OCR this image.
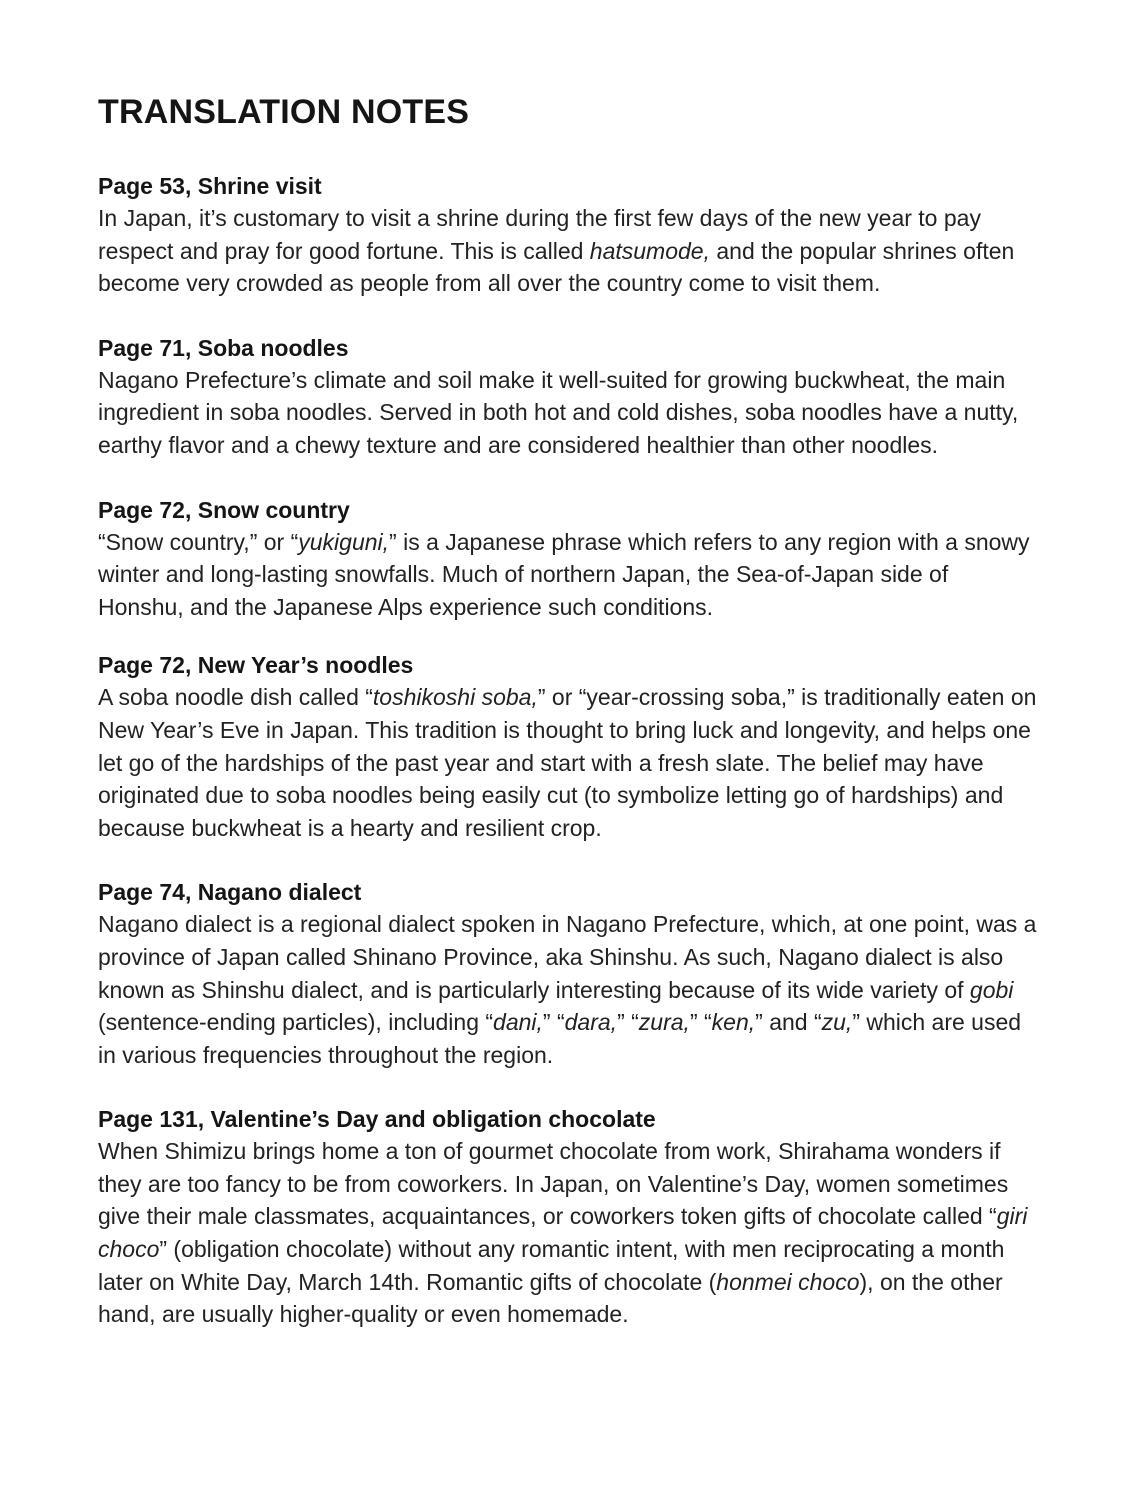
TRANSLATION NOTES
Page 53, Shrine visit
In Japan, it’s customary to visit a shrine during the first few days of the new year to pay respect and pray for good fortune. This is called hatsumode, and the popular shrines often become very crowded as people from all over the country come to visit them.
Page 71, Soba noodles
Nagano Prefecture’s climate and soil make it well-suited for growing buckwheat, the main ingredient in soba noodles. Served in both hot and cold dishes, soba noodles have a nutty, earthy flavor and a chewy texture and are considered healthier than other noodles.
Page 72, Snow country
“Snow country,” or “yukiguni,” is a Japanese phrase which refers to any region with a snowy winter and long-lasting snowfalls. Much of northern Japan, the Sea-of-Japan side of Honshu, and the Japanese Alps experience such conditions.
Page 72, New Year’s noodles
A soba noodle dish called “toshikoshi soba,” or “year-crossing soba,” is traditionally eaten on New Year’s Eve in Japan. This tradition is thought to bring luck and longevity, and helps one let go of the hardships of the past year and start with a fresh slate. The belief may have originated due to soba noodles being easily cut (to symbolize letting go of hardships) and because buckwheat is a hearty and resilient crop.
Page 74, Nagano dialect
Nagano dialect is a regional dialect spoken in Nagano Prefecture, which, at one point, was a province of Japan called Shinano Province, aka Shinshu. As such, Nagano dialect is also known as Shinshu dialect, and is particularly interesting because of its wide variety of gobi (sentence-ending particles), including “dani,” “dara,” “zura,” “ken,” and “zu,” which are used in various frequencies throughout the region.
Page 131, Valentine’s Day and obligation chocolate
When Shimizu brings home a ton of gourmet chocolate from work, Shirahama wonders if they are too fancy to be from coworkers. In Japan, on Valentine’s Day, women sometimes give their male classmates, acquaintances, or coworkers token gifts of chocolate called “giri choco” (obligation chocolate) without any romantic intent, with men reciprocating a month later on White Day, March 14th. Romantic gifts of chocolate (honmei choco), on the other hand, are usually higher-quality or even homemade.
